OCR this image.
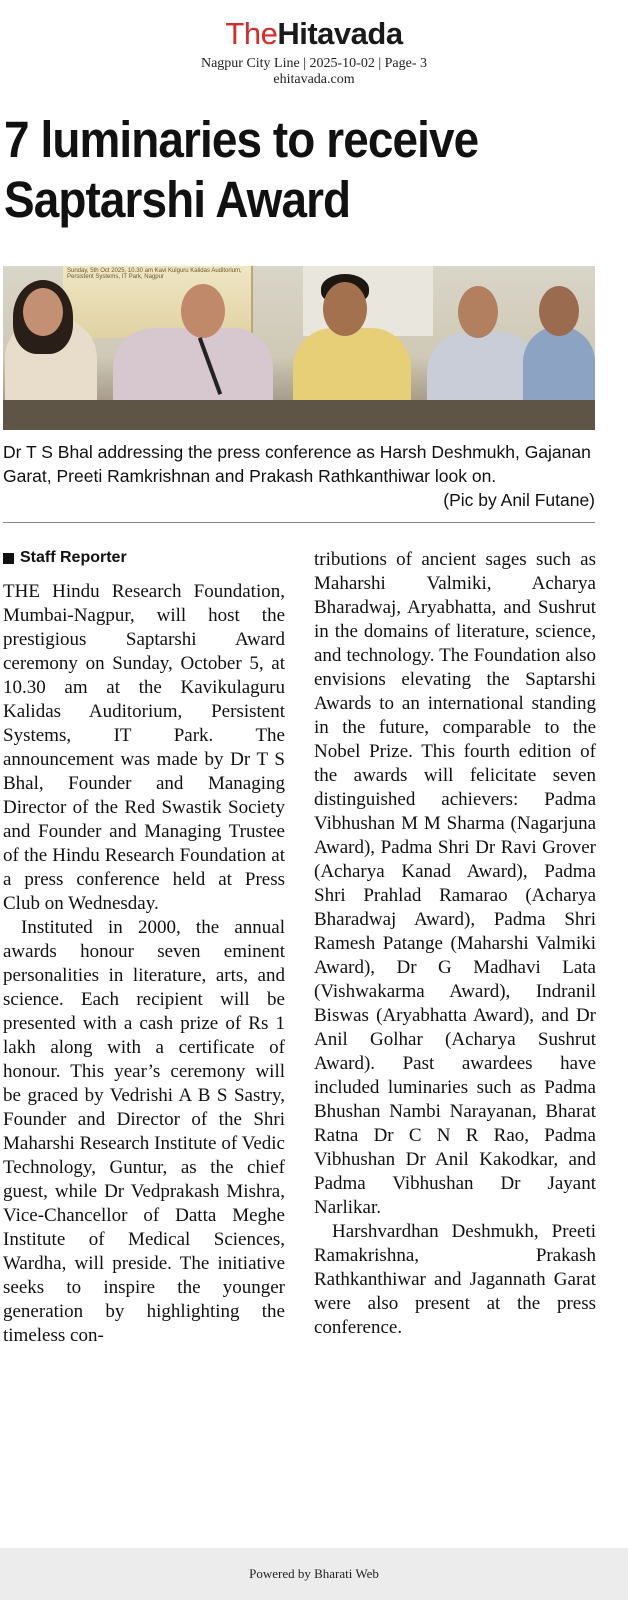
TheHitavada
Nagpur City Line | 2025-10-02 | Page- 3
ehitavada.com
7 luminaries to receive
Saptarshi Award
Sunday, 5th Oct 2025, 10.30 am Kavi Kulguru Kalidas Auditorium, Persistent Systems, IT Park, Nagpur
Dr T S Bhal addressing the press conference as Harsh Deshmukh, Gajanan Garat, Preeti Ramkrishnan and Prakash Rathkanthiwar look on.
(Pic by Anil Futane)
Staff Reporter

THE Hindu Research Foundation, Mumbai-Nagpur, will host the prestigious Saptarshi Award ceremony on Sunday, October 5, at 10.30 am at the Kavikulaguru Kalidas Auditorium, Persistent Systems, IT Park. The announcement was made by Dr T S Bhal, Founder and Managing Director of the Red Swastik Society and Founder and Managing Trustee of the Hindu Research Foundation at a press conference held at Press Club on Wednesday.

Instituted in 2000, the annual awards honour seven eminent personalities in literature, arts, and science. Each recipient will be presented with a cash prize of Rs 1 lakh along with a certificate of honour. This year’s ceremony will be graced by Vedrishi A B S Sastry, Founder and Director of the Shri Maharshi Research Institute of Vedic Technology, Guntur, as the chief guest, while Dr Vedprakash Mishra, Vice-Chancellor of Datta Meghe Institute of Medical Sciences, Wardha, will preside. The initiative seeks to inspire the younger generation by highlighting the timeless con-

tributions of ancient sages such as Maharshi Valmiki, Acharya Bharadwaj, Aryabhatta, and Sushrut in the domains of literature, science, and technology. The Foundation also envisions elevating the Saptarshi Awards to an international standing in the future, comparable to the Nobel Prize. This fourth edition of the awards will felicitate seven distinguished achievers: Padma Vibhushan M M Sharma (Nagarjuna Award), Padma Shri Dr Ravi Grover (Acharya Kanad Award), Padma Shri Prahlad Ramarao (Acharya Bharadwaj Award), Padma Shri Ramesh Patange (Maharshi Valmiki Award), Dr G Madhavi Lata (Vishwakarma Award), Indranil Biswas (Aryabhatta Award), and Dr Anil Golhar (Acharya Sushrut Award). Past awardees have included luminaries such as Padma Bhushan Nambi Narayanan, Bharat Ratna Dr C N R Rao, Padma Vibhushan Dr Anil Kakodkar, and Padma Vibhushan Dr Jayant Narlikar.

Harshvardhan Deshmukh, Preeti Ramakrishna, Prakash Rathkanthiwar and Jagannath Garat were also present at the press conference.

Powered by Bharati Web
